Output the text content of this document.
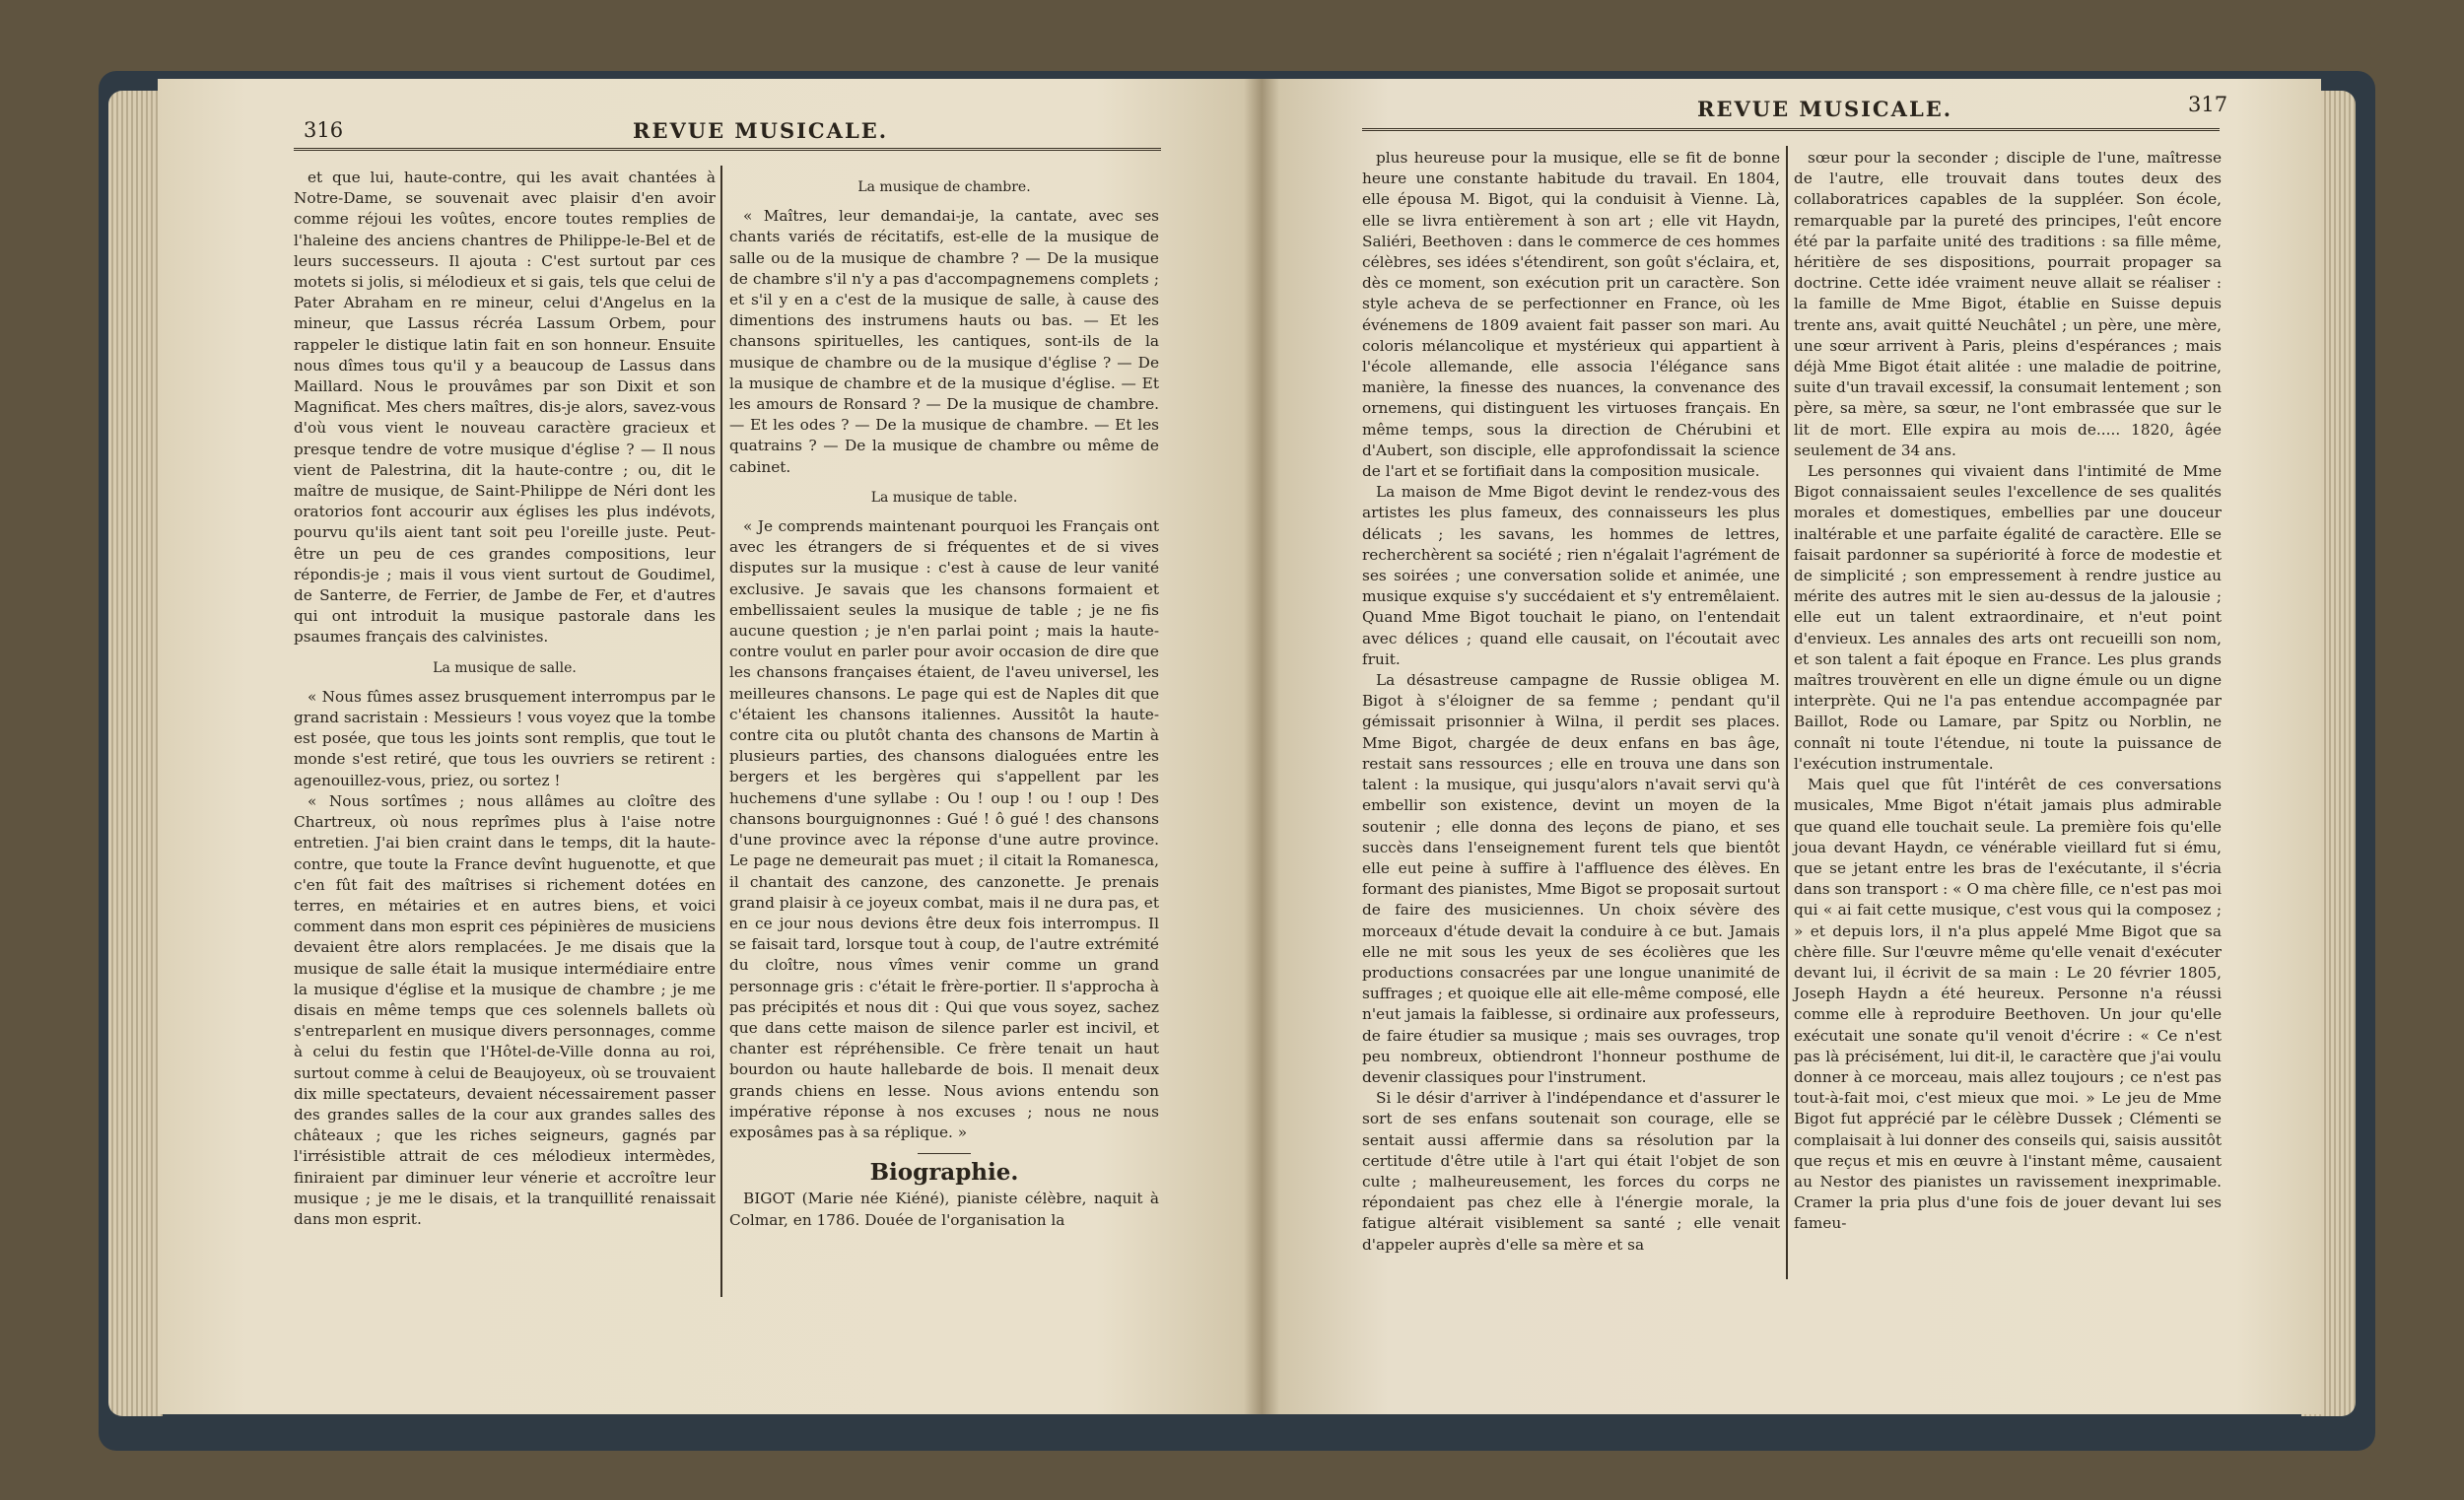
316	REVUE MUSICALE.

et que lui, haute-contre, qui les avait chantées à Notre-Dame, se souvenait avec plaisir d'en avoir comme réjoui les voûtes, encore toutes remplies de l'haleine des anciens chantres de Philippe-le-Bel et de leurs successeurs. Il ajouta : C'est surtout par ces motets si jolis, si mélodieux et si gais, tels que celui de Pater Abraham en re mineur, celui d'Angelus en la mineur, que Lassus récréa Lassum Orbem, pour rappeler le distique latin fait en son honneur. Ensuite nous dîmes tous qu'il y a beaucoup de Lassus dans Maillard. Nous le prouvâmes par son Dixit et son Magnificat. Mes chers maîtres, dis-je alors, savez-vous d'où vous vient le nouveau caractère gracieux et presque tendre de votre musique d'église ? — Il nous vient de Palestrina, dit la haute-contre ; ou, dit le maître de musique, de Saint-Philippe de Néri dont les oratorios font accourir aux églises les plus indévots, pourvu qu'ils aient tant soit peu l'oreille juste. Peut-être un peu de ces grandes compositions, leur répondis-je ; mais il vous vient surtout de Goudimel, de Santerre, de Ferrier, de Jambe de Fer, et d'autres qui ont introduit la musique pastorale dans les psaumes français des calvinistes.

La musique de salle.

« Nous fûmes assez brusquement interrompus par le grand sacristain : Messieurs ! vous voyez que la tombe est posée, que tous les joints sont remplis, que tout le monde s'est retiré, que tous les ouvriers se retirent : agenouillez-vous, priez, ou sortez !

« Nous sortîmes ; nous allâmes au cloître des Chartreux, où nous reprîmes plus à l'aise notre entretien. J'ai bien craint dans le temps, dit la haute-contre, que toute la France devînt huguenotte, et que c'en fût fait des maîtrises si richement dotées en terres, en métairies et en autres biens, et voici comment dans mon esprit ces pépinières de musiciens devaient être alors remplacées. Je me disais que la musique de salle était la musique intermédiaire entre la musique d'église et la musique de chambre ; je me disais en même temps que ces solennels ballets où s'entreparlent en musique divers personnages, comme à celui du festin que l'Hôtel-de-Ville donna au roi, surtout comme à celui de Beaujoyeux, où se trouvaient dix mille spectateurs, devaient nécessairement passer des grandes salles de la cour aux grandes salles des châteaux ; que les riches seigneurs, gagnés par l'irrésistible attrait de ces mélodieux intermèdes, finiraient par diminuer leur vénerie et accroître leur musique ; je me le disais, et la tranquillité renaissait dans mon esprit.

La musique de chambre.

« Maîtres, leur demandai-je, la cantate, avec ses chants variés de récitatifs, est-elle de la musique de salle ou de la musique de chambre ? — De la musique de chambre s'il n'y a pas d'accompagnemens complets ; et s'il y en a c'est de la musique de salle, à cause des dimentions des instrumens hauts ou bas. — Et les chansons spirituelles, les cantiques, sont-ils de la musique de chambre ou de la musique d'église ? — De la musique de chambre et de la musique d'église. — Et les amours de Ronsard ? — De la musique de chambre. — Et les odes ? — De la musique de chambre. — Et les quatrains ? — De la musique de chambre ou même de cabinet.

La musique de table.

« Je comprends maintenant pourquoi les Français ont avec les étrangers de si fréquentes et de si vives disputes sur la musique : c'est à cause de leur vanité exclusive. Je savais que les chansons formaient et embellissaient seules la musique de table ; je ne fis aucune question ; je n'en parlai point ; mais la haute-contre voulut en parler pour avoir occasion de dire que les chansons françaises étaient, de l'aveu universel, les meilleures chansons. Le page qui est de Naples dit que c'étaient les chansons italiennes. Aussitôt la haute-contre cita ou plutôt chanta des chansons de Martin à plusieurs parties, des chansons dialoguées entre les bergers et les bergères qui s'appellent par les huchemens d'une syllabe : Ou ! oup ! ou ! oup ! Des chansons bourguignonnes : Gué ! ô gué ! des chansons d'une province avec la réponse d'une autre province. Le page ne demeurait pas muet ; il citait la Romanesca, il chantait des canzone, des canzonette. Je prenais grand plaisir à ce joyeux combat, mais il ne dura pas, et en ce jour nous devions être deux fois interrompus. Il se faisait tard, lorsque tout à coup, de l'autre extrémité du cloître, nous vîmes venir comme un grand personnage gris : c'était le frère-portier. Il s'approcha à pas précipités et nous dit : Qui que vous soyez, sachez que dans cette maison de silence parler est incivil, et chanter est répréhensible. Ce frère tenait un haut bourdon ou haute hallebarde de bois. Il menait deux grands chiens en lesse. Nous avions entendu son impérative réponse à nos excuses ; nous ne nous exposâmes pas à sa réplique. »

Biographie.

BIGOT (Marie née Kiéné), pianiste célèbre, naquit à Colmar, en 1786. Douée de l'organisation la

REVUE MUSICALE.	317

plus heureuse pour la musique, elle se fit de bonne heure une constante habitude du travail. En 1804, elle épousa M. Bigot, qui la conduisit à Vienne. Là, elle se livra entièrement à son art ; elle vit Haydn, Saliéri, Beethoven : dans le commerce de ces hommes célèbres, ses idées s'étendirent, son goût s'éclaira, et, dès ce moment, son exécution prit un caractère. Son style acheva de se perfectionner en France, où les événemens de 1809 avaient fait passer son mari. Au coloris mélancolique et mystérieux qui appartient à l'école allemande, elle associa l'élégance sans manière, la finesse des nuances, la convenance des ornemens, qui distinguent les virtuoses français. En même temps, sous la direction de Chérubini et d'Aubert, son disciple, elle approfondissait la science de l'art et se fortifiait dans la composition musicale.

La maison de Mme Bigot devint le rendez-vous des artistes les plus fameux, des connaisseurs les plus délicats ; les savans, les hommes de lettres, recherchèrent sa société ; rien n'égalait l'agrément de ses soirées ; une conversation solide et animée, une musique exquise s'y succédaient et s'y entremêlaient. Quand Mme Bigot touchait le piano, on l'entendait avec délices ; quand elle causait, on l'écoutait avec fruit.

La désastreuse campagne de Russie obligea M. Bigot à s'éloigner de sa femme ; pendant qu'il gémissait prisonnier à Wilna, il perdit ses places. Mme Bigot, chargée de deux enfans en bas âge, restait sans ressources ; elle en trouva une dans son talent : la musique, qui jusqu'alors n'avait servi qu'à embellir son existence, devint un moyen de la soutenir ; elle donna des leçons de piano, et ses succès dans l'enseignement furent tels que bientôt elle eut peine à suffire à l'affluence des élèves. En formant des pianistes, Mme Bigot se proposait surtout de faire des musiciennes. Un choix sévère des morceaux d'étude devait la conduire à ce but. Jamais elle ne mit sous les yeux de ses écolières que les productions consacrées par une longue unanimité de suffrages ; et quoique elle ait elle-même composé, elle n'eut jamais la faiblesse, si ordinaire aux professeurs, de faire étudier sa musique ; mais ses ouvrages, trop peu nombreux, obtiendront l'honneur posthume de devenir classiques pour l'instrument.

Si le désir d'arriver à l'indépendance et d'assurer le sort de ses enfans soutenait son courage, elle se sentait aussi affermie dans sa résolution par la certitude d'être utile à l'art qui était l'objet de son culte ; malheureusement, les forces du corps ne répondaient pas chez elle à l'énergie morale, la fatigue altérait visiblement sa santé ; elle venait d'appeler auprès d'elle sa mère et sa

sœur pour la seconder ; disciple de l'une, maîtresse de l'autre, elle trouvait dans toutes deux des collaboratrices capables de la suppléer. Son école, remarquable par la pureté des principes, l'eût encore été par la parfaite unité des traditions : sa fille même, héritière de ses dispositions, pourrait propager sa doctrine. Cette idée vraiment neuve allait se réaliser : la famille de Mme Bigot, établie en Suisse depuis trente ans, avait quitté Neuchâtel ; un père, une mère, une sœur arrivent à Paris, pleins d'espérances ; mais déjà Mme Bigot était alitée : une maladie de poitrine, suite d'un travail excessif, la consumait lentement ; son père, sa mère, sa sœur, ne l'ont embrassée que sur le lit de mort. Elle expira au mois de..... 1820, âgée seulement de 34 ans.

Les personnes qui vivaient dans l'intimité de Mme Bigot connaissaient seules l'excellence de ses qualités morales et domestiques, embellies par une douceur inaltérable et une parfaite égalité de caractère. Elle se faisait pardonner sa supériorité à force de modestie et de simplicité ; son empressement à rendre justice au mérite des autres mit le sien au-dessus de la jalousie ; elle eut un talent extraordinaire, et n'eut point d'envieux. Les annales des arts ont recueilli son nom, et son talent a fait époque en France. Les plus grands maîtres trouvèrent en elle un digne émule ou un digne interprète. Qui ne l'a pas entendue accompagnée par Baillot, Rode ou Lamare, par Spitz ou Norblin, ne connaît ni toute l'étendue, ni toute la puissance de l'exécution instrumentale.

Mais quel que fût l'intérêt de ces conversations musicales, Mme Bigot n'était jamais plus admirable que quand elle touchait seule. La première fois qu'elle joua devant Haydn, ce vénérable vieillard fut si ému, que se jetant entre les bras de l'exécutante, il s'écria dans son transport : « O ma chère fille, ce n'est pas moi qui « ai fait cette musique, c'est vous qui la composez ; » et depuis lors, il n'a plus appelé Mme Bigot que sa chère fille. Sur l'œuvre même qu'elle venait d'exécuter devant lui, il écrivit de sa main : Le 20 février 1805, Joseph Haydn a été heureux. Personne n'a réussi comme elle à reproduire Beethoven. Un jour qu'elle exécutait une sonate qu'il venoit d'écrire : « Ce n'est pas là précisément, lui dit-il, le caractère que j'ai voulu donner à ce morceau, mais allez toujours ; ce n'est pas tout-à-fait moi, c'est mieux que moi. » Le jeu de Mme Bigot fut apprécié par le célèbre Dussek ; Clémenti se complaisait à lui donner des conseils qui, saisis aussitôt que reçus et mis en œuvre à l'instant même, causaient au Nestor des pianistes un ravissement inexprimable. Cramer la pria plus d'une fois de jouer devant lui ses fameu-
